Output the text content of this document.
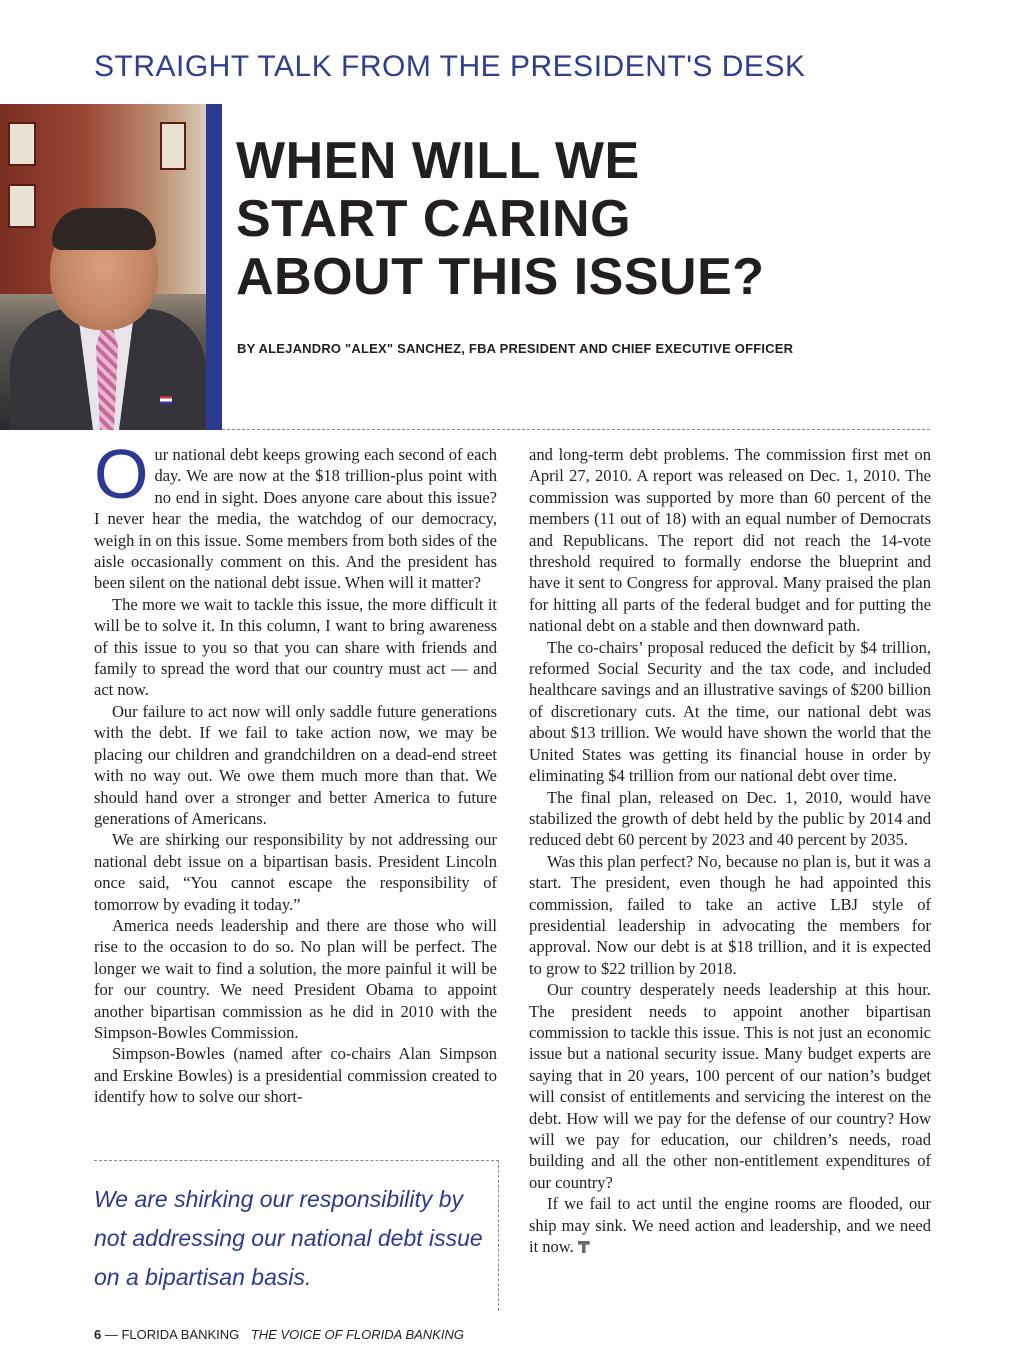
STRAIGHT TALK FROM THE PRESIDENT'S DESK
WHEN WILL WE
START CARING
ABOUT THIS ISSUE?
BY ALEJANDRO "ALEX" SANCHEZ, FBA PRESIDENT AND CHIEF EXECUTIVE OFFICER

Our national debt keeps growing each second of each day. We are now at the $18 trillion-plus point with no end in sight. Does anyone care about this issue? I never hear the media, the watchdog of our democracy, weigh in on this issue. Some members from both sides of the aisle occasionally comment on this. And the president has been silent on the national debt issue. When will it matter?

The more we wait to tackle this issue, the more difficult it will be to solve it. In this column, I want to bring awareness of this issue to you so that you can share with friends and family to spread the word that our country must act — and act now.

Our failure to act now will only saddle future generations with the debt. If we fail to take action now, we may be placing our children and grandchildren on a dead-end street with no way out. We owe them much more than that. We should hand over a stronger and better America to future generations of Americans.

We are shirking our responsibility by not addressing our national debt issue on a bipartisan basis. President Lincoln once said, “You cannot escape the responsibility of tomorrow by evading it today.”

America needs leadership and there are those who will rise to the occasion to do so. No plan will be perfect. The longer we wait to find a solution, the more painful it will be for our country. We need President Obama to appoint another bipartisan commission as he did in 2010 with the Simpson-Bowles Commission.

Simpson-Bowles (named after co-chairs Alan Simpson and Erskine Bowles) is a presidential commission created to identify how to solve our short-

We are shirking our responsibility by not addressing our national debt issue on a bipartisan basis.

and long-term debt problems. The commission first met on April 27, 2010. A report was released on Dec. 1, 2010. The commission was supported by more than 60 percent of the members (11 out of 18) with an equal number of Democrats and Republicans. The report did not reach the 14-vote threshold required to formally endorse the blueprint and have it sent to Congress for approval. Many praised the plan for hitting all parts of the federal budget and for putting the national debt on a stable and then downward path.

The co-chairs’ proposal reduced the deficit by $4 trillion, reformed Social Security and the tax code, and included healthcare savings and an illustrative savings of $200 billion of discretionary cuts. At the time, our national debt was about $13 trillion. We would have shown the world that the United States was getting its financial house in order by eliminating $4 trillion from our national debt over time.

The final plan, released on Dec. 1, 2010, would have stabilized the growth of debt held by the public by 2014 and reduced debt 60 percent by 2023 and 40 percent by 2035.

Was this plan perfect? No, because no plan is, but it was a start. The president, even though he had appointed this commission, failed to take an active LBJ style of presidential leadership in advocating the members for approval. Now our debt is at $18 trillion, and it is expected to grow to $22 trillion by 2018.

Our country desperately needs leadership at this hour. The president needs to appoint another bipartisan commission to tackle this issue. This is not just an economic issue but a national security issue. Many budget experts are saying that in 20 years, 100 percent of our nation’s budget will consist of entitlements and servicing the interest on the debt. How will we pay for the defense of our country? How will we pay for education, our children’s needs, road building and all the other non-entitlement expenditures of our country?

If we fail to act until the engine rooms are flooded, our ship may sink. We need action and leadership, and we need it now.

6 — FLORIDA BANKING THE VOICE OF FLORIDA BANKING
